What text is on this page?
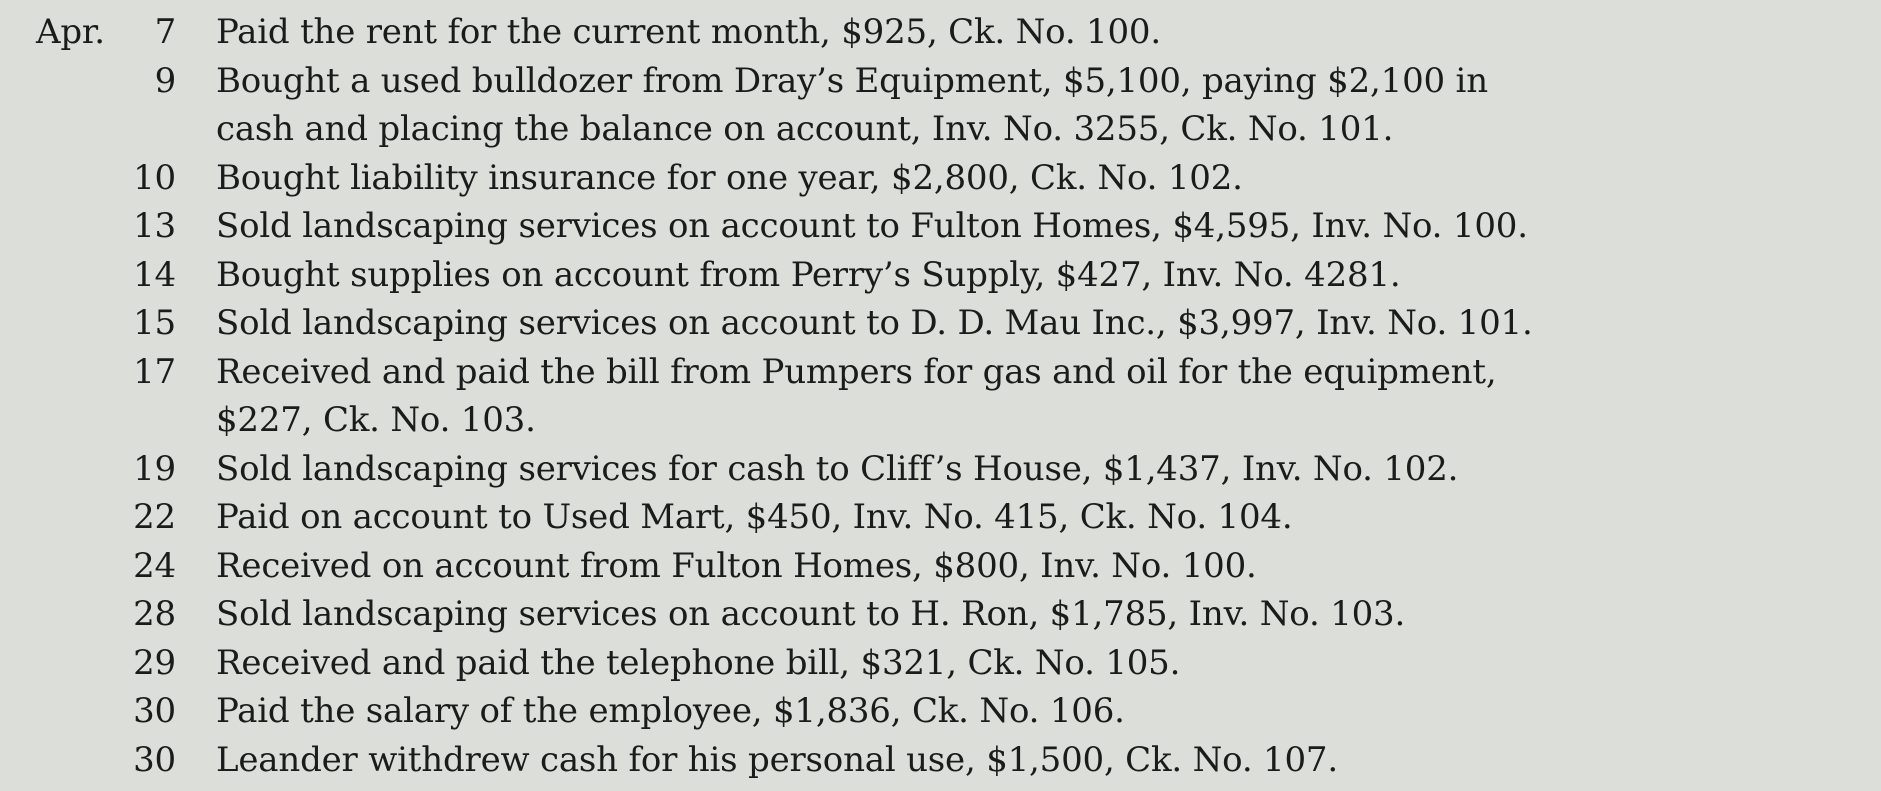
Apr.	7 Paid the rent for the current month, $925, Ck. No. 100.
9 Bought a used bulldozer from Dray’s Equipment, $5,100, paying $2,100 in
cash and placing the balance on account, Inv. No. 3255, Ck. No. 101.
10 Bought liability insurance for one year, $2,800, Ck. No. 102.
13 Sold landscaping services on account to Fulton Homes, $4,595, Inv. No. 100.
14 Bought supplies on account from Perry’s Supply, $427, Inv. No. 4281.
15 Sold landscaping services on account to D. D. Mau Inc., $3,997, Inv. No. 101.
17 Received and paid the bill from Pumpers for gas and oil for the equipment,
$227, Ck. No. 103.
19 Sold landscaping services for cash to Cliff’s House, $1,437, Inv. No. 102.
22 Paid on account to Used Mart, $450, Inv. No. 415, Ck. No. 104.
24 Received on account from Fulton Homes, $800, Inv. No. 100.
28 Sold landscaping services on account to H. Ron, $1,785, Inv. No. 103.
29 Received and paid the telephone bill, $321, Ck. No. 105.
30 Paid the salary of the employee, $1,836, Ck. No. 106.
30 Leander withdrew cash for his personal use, $1,500, Ck. No. 107.
